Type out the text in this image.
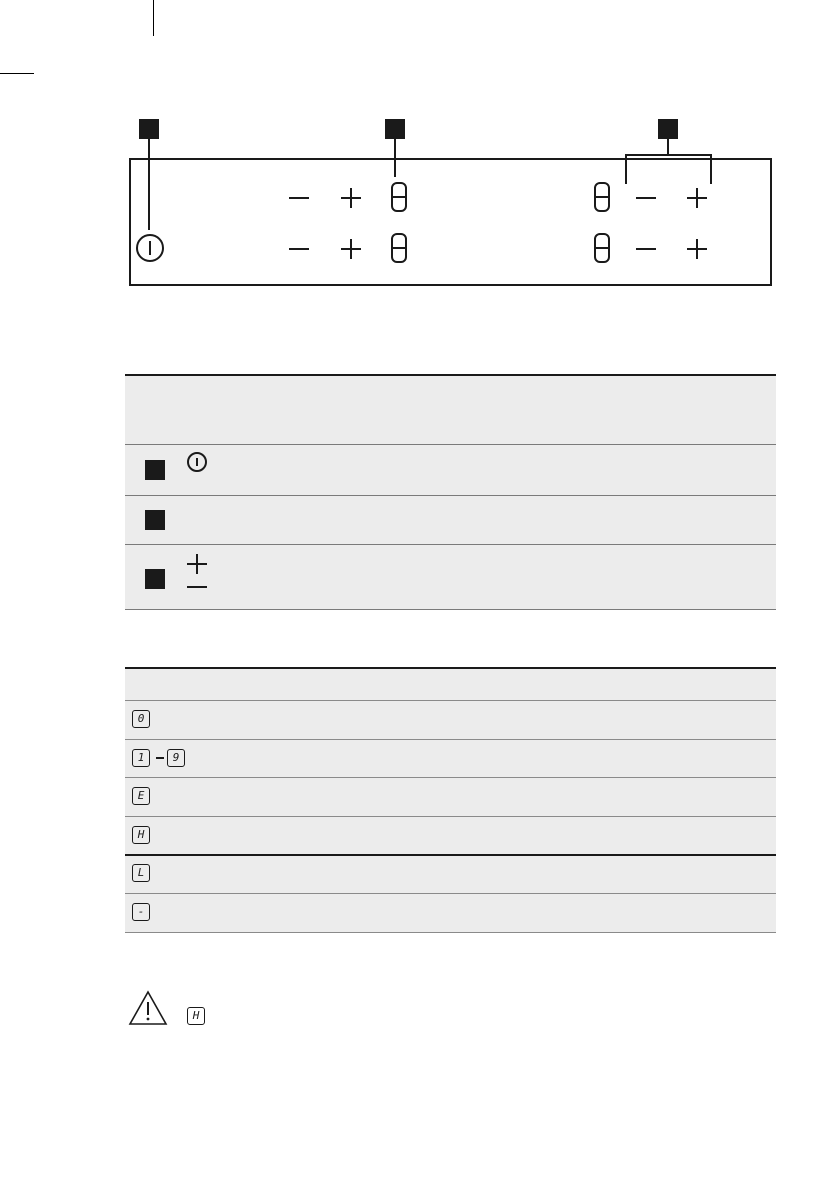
0
1	9
E
H
L
-
H
